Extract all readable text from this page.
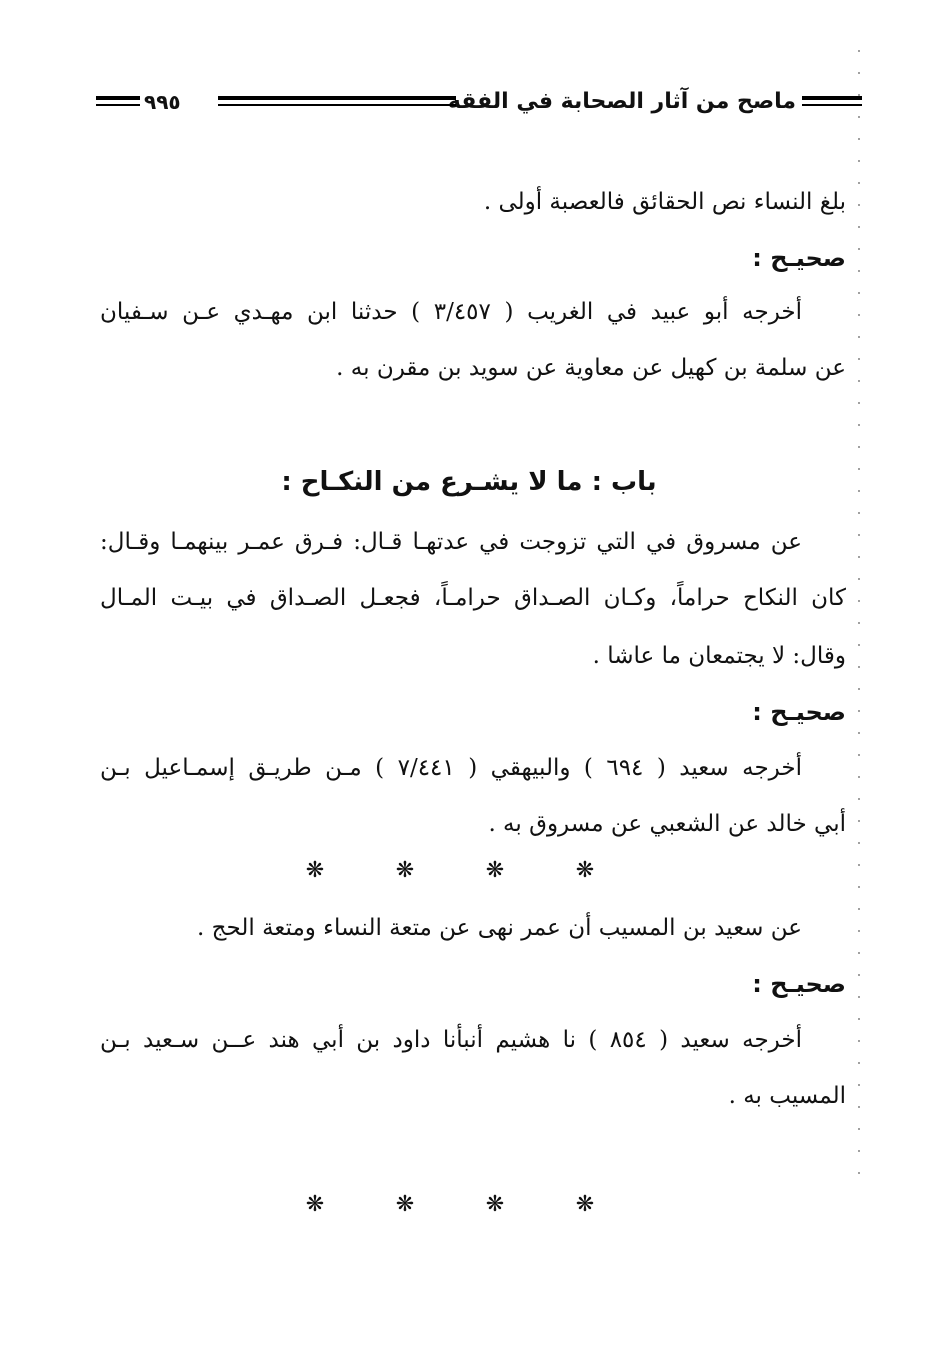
ماصح من آثار الصحابة في الفقه
٩٩٥
بلغ النساء نص الحقائق فالعصبة أولى .
صحيـح :
أخرجه أبو عبيد في الغريب ( ٣/٤٥٧ ) حدثنا ابن مهـدي عـن سـفيان
عن سلمة بن كهيل عن معاوية عن سويد بن مقرن به .
باب : ما لا يشـرع من النكـاح :
عن مسروق في التي تزوجت في عدتهـا قـال: فـرق عمـر بينهمـا وقـال:
كان النكاح حراماً، وكـان الصـداق حرامـاً، فجعـل الصـداق في بيـت المـال
وقال: لا يجتمعان ما عاشا .
صحيـح :
أخرجه سعيد ( ٦٩٤ ) والبيهقي ( ٧/٤٤١ ) مـن طريـق إسمـاعيل بـن
أبي خالد عن الشعبي عن مسروق به .
❋	❋	❋	❋
عن سعيد بن المسيب أن عمر نهى عن متعة النساء ومتعة الحج .
صحيـح :
أخرجه سعيد ( ٨٥٤ ) نا هشيم أنبأنا داود بن أبي هند عــن سـعيد بـن
المسيب به .
❋	❋	❋	❋
